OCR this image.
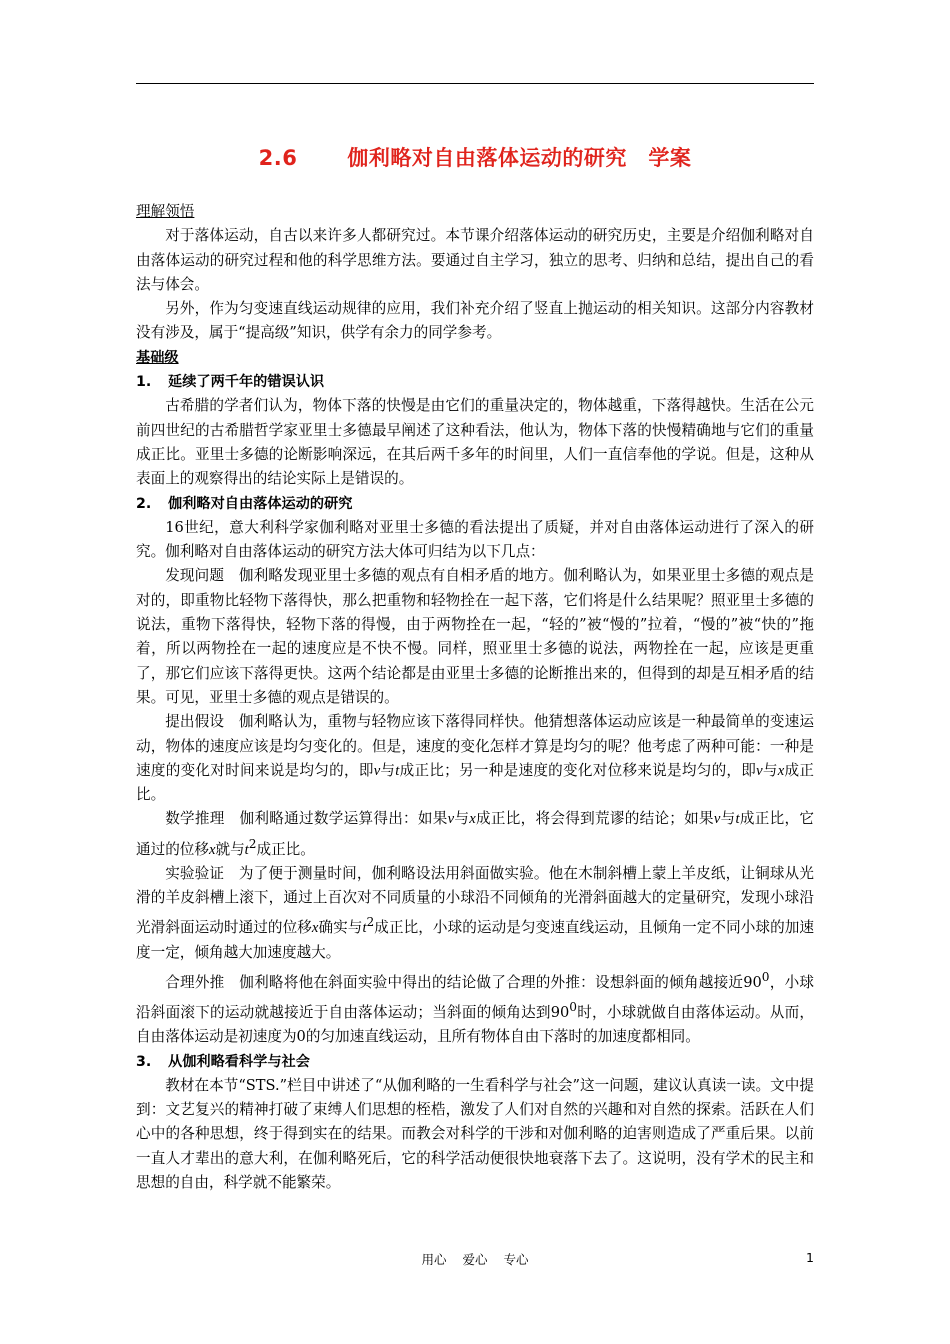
2.6 伽利略对自由落体运动的研究　学案
理解领悟

对于落体运动，自古以来许多人都研究过。本节课介绍落体运动的研究历史，主要是介绍伽利略对自由落体运动的研究过程和他的科学思维方法。要通过自主学习，独立的思考、归纳和总结，提出自己的看法与体会。

另外，作为匀变速直线运动规律的应用，我们补充介绍了竖直上抛运动的相关知识。这部分内容教材没有涉及，属于“提高级”知识，供学有余力的同学参考。

基础级
1. 延续了两千年的错误认识

古希腊的学者们认为，物体下落的快慢是由它们的重量决定的，物体越重，下落得越快。生活在公元前四世纪的古希腊哲学家亚里士多德最早阐述了这种看法，他认为，物体下落的快慢精确地与它们的重量成正比。亚里士多德的论断影响深远，在其后两千多年的时间里，人们一直信奉他的学说。但是，这种从表面上的观察得出的结论实际上是错误的。

2. 伽利略对自由落体运动的研究

16世纪，意大利科学家伽利略对亚里士多德的看法提出了质疑，并对自由落体运动进行了深入的研究。伽利略对自由落体运动的研究方法大体可归结为以下几点：

发现问题　伽利略发现亚里士多德的观点有自相矛盾的地方。伽利略认为，如果亚里士多德的观点是对的，即重物比轻物下落得快，那么把重物和轻物拴在一起下落，它们将是什么结果呢？照亚里士多德的说法，重物下落得快，轻物下落的得慢，由于两物拴在一起，“轻的”被“慢的”拉着，“慢的”被“快的”拖着，所以两物拴在一起的速度应是不快不慢。同样，照亚里士多德的说法，两物拴在一起，应该是更重了，那它们应该下落得更快。这两个结论都是由亚里士多德的论断推出来的，但得到的却是互相矛盾的结果。可见，亚里士多德的观点是错误的。

提出假设　伽利略认为，重物与轻物应该下落得同样快。他猜想落体运动应该是一种最简单的变速运动，物体的速度应该是均匀变化的。但是，速度的变化怎样才算是均匀的呢？他考虑了两种可能：一种是速度的变化对时间来说是均匀的，即v与t成正比；另一种是速度的变化对位移来说是均匀的，即v与x成正比。

数学推理　伽利略通过数学运算得出：如果v与x成正比，将会得到荒谬的结论；如果v与t成正比，它通过的位移x就与$t^2$成正比。

实验验证　为了便于测量时间，伽利略设法用斜面做实验。他在木制斜槽上蒙上羊皮纸，让铜球从光滑的羊皮斜槽上滚下，通过上百次对不同质量的小球沿不同倾角的光滑斜面越大的定量研究，发现小球沿光滑斜面运动时通过的位移x确实与$t^2$成正比，小球的运动是匀变速直线运动，且倾角一定不同小球的加速度一定，倾角越大加速度越大。

合理外推　伽利略将他在斜面实验中得出的结论做了合理的外推：设想斜面的倾角越接近$90^0$，小球沿斜面滚下的运动就越接近于自由落体运动；当斜面的倾角达到$90^0$时，小球就做自由落体运动。从而，自由落体运动是初速度为0的匀加速直线运动，且所有物体自由下落时的加速度都相同。

3. 从伽利略看科学与社会

教材在本节“STS.”栏目中讲述了“从伽利略的一生看科学与社会”这一问题，建议认真读一读。文中提到：文艺复兴的精神打破了束缚人们思想的桎梏，激发了人们对自然的兴趣和对自然的探索。活跃在人们心中的各种思想，终于得到实在的结果。而教会对科学的干涉和对伽利略的迫害则造成了严重后果。以前一直人才辈出的意大利，在伽利略死后，它的科学活动便很快地衰落下去了。这说明，没有学术的民主和思想的自由，科学就不能繁荣。

用心 爱心 专心	1
